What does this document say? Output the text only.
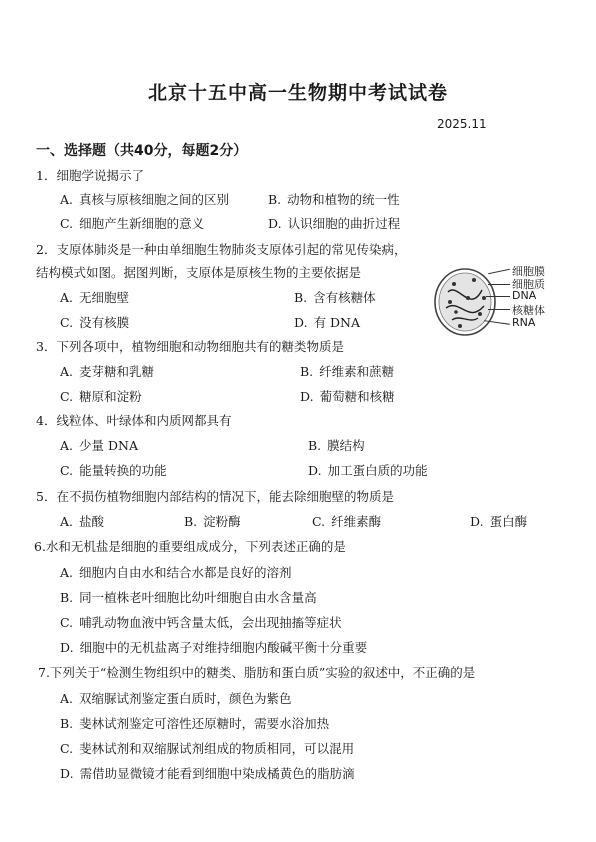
北京十五中高一生物期中考试试卷
2025.11
一、选择题（共40分，每题2分）
1．细胞学说揭示了
A. 真核与原核细胞之间的区别	B. 动物和植物的统一性
C. 细胞产生新细胞的意义	D. 认识细胞的曲折过程
2．支原体肺炎是一种由单细胞生物肺炎支原体引起的常见传染病，
结构模式如图。据图判断，支原体是原核生物的主要依据是
A. 无细胞壁	B. 含有核糖体
C. 没有核膜	D. 有 DNA
细胞膜
细胞质
DNA
核糖体
RNA
3．下列各项中，植物细胞和动物细胞共有的糖类物质是
A. 麦芽糖和乳糖	B. 纤维素和蔗糖
C. 糖原和淀粉	D. 葡萄糖和核糖
4．线粒体、叶绿体和内质网都具有
A. 少量 DNA	B. 膜结构
C. 能量转换的功能	D. 加工蛋白质的功能
5．在不损伤植物细胞内部结构的情况下，能去除细胞壁的物质是
A. 盐酸	B. 淀粉酶	C. 纤维素酶	D. 蛋白酶
6.水和无机盐是细胞的重要组成成分，下列表述正确的是
A. 细胞内自由水和结合水都是良好的溶剂
B. 同一植株老叶细胞比幼叶细胞自由水含量高
C. 哺乳动物血液中钙含量太低，会出现抽搐等症状
D. 细胞中的无机盐离子对维持细胞内酸碱平衡十分重要
7.下列关于“检测生物组织中的糖类、脂肪和蛋白质”实验的叙述中，不正确的是
A. 双缩脲试剂鉴定蛋白质时，颜色为紫色
B. 斐林试剂鉴定可溶性还原糖时，需要水浴加热
C. 斐林试剂和双缩脲试剂组成的物质相同，可以混用
D. 需借助显微镜才能看到细胞中染成橘黄色的脂肪滴
